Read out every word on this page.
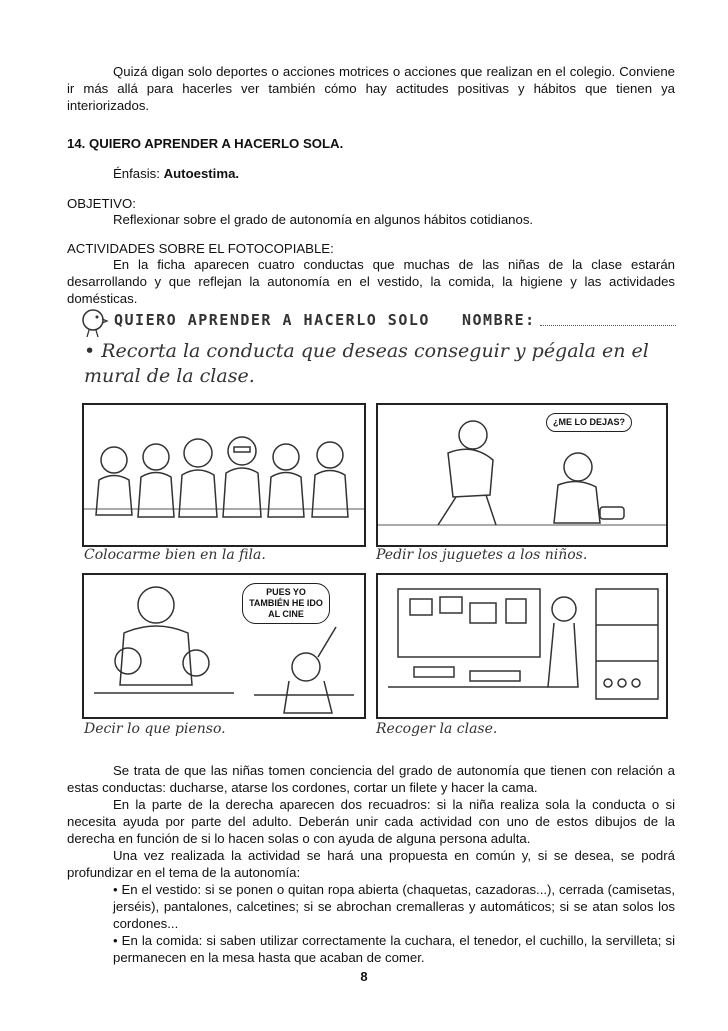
Quizá digan solo deportes o acciones motrices o acciones que realizan en el colegio. Conviene ir más allá para hacerles ver también cómo hay actitudes positivas y hábitos que tienen ya interiorizados.
14. QUIERO APRENDER A HACERLO SOLA.
Énfasis: Autoestima.
OBJETIVO:
Reflexionar sobre el grado de autonomía en algunos hábitos cotidianos.
ACTIVIDADES SOBRE EL FOTOCOPIABLE:
En la ficha aparecen cuatro conductas que muchas de las niñas de la clase estarán desarrollando y que reflejan la autonomía en el vestido, la comida, la higiene y las actividades domésticas.
QUIERO APRENDER A HACERLO SOLO NOMBRE:
• Recorta la conducta que deseas conseguir y pégala en el mural de la clase.
Colocarme bien en la fila.
¿ME LO DEJAS?
Pedir los juguetes a los niños.
PUES YO TAMBIÉN HE IDO AL CINE
Decir lo que pienso.	Recoger la clase.
Se trata de que las niñas tomen conciencia del grado de autonomía que tienen con relación a estas conductas: ducharse, atarse los cordones, cortar un filete y hacer la cama.
En la parte de la derecha aparecen dos recuadros: si la niña realiza sola la conducta o si necesita ayuda por parte del adulto. Deberán unir cada actividad con uno de estos dibujos de la derecha en función de si lo hacen solas o con ayuda de alguna persona adulta.
Una vez realizada la actividad se hará una propuesta en común y, si se desea, se podrá profundizar en el tema de la autonomía:
• En el vestido: si se ponen o quitan ropa abierta (chaquetas, cazadoras...), cerrada (camisetas, jerséis), pantalones, calcetines; si se abrochan cremalleras y automáticos; si se atan solos los cordones...
• En la comida: si saben utilizar correctamente la cuchara, el tenedor, el cuchillo, la servilleta; si permanecen en la mesa hasta que acaban de comer.
8
